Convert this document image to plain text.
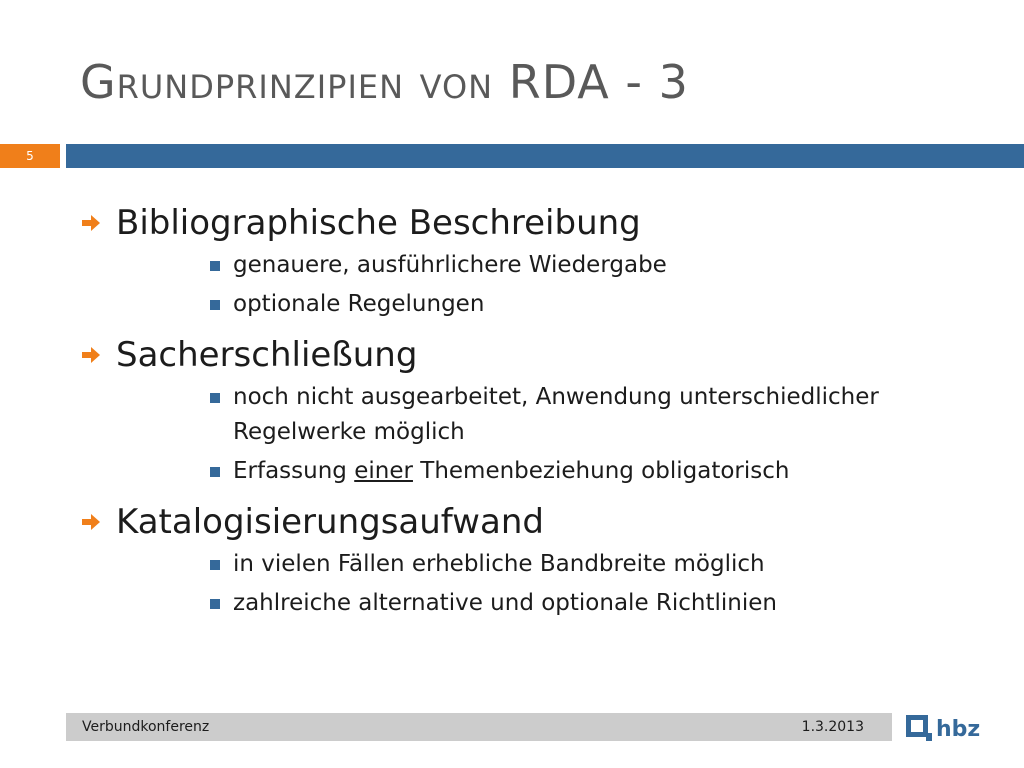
Grundprinzipien von RDA - 3
5
Bibliographische Beschreibung
genauere, ausführlichere Wiedergabe
optionale Regelungen
Sacherschließung
noch nicht ausgearbeitet, Anwendung unterschiedlicher Regelwerke möglich
Erfassung einer Themenbeziehung obligatorisch
Katalogisierungsaufwand
in vielen Fällen erhebliche Bandbreite möglich
zahlreiche alternative und optionale Richtlinien
Verbundkonferenz	1.3.2013	hbz
